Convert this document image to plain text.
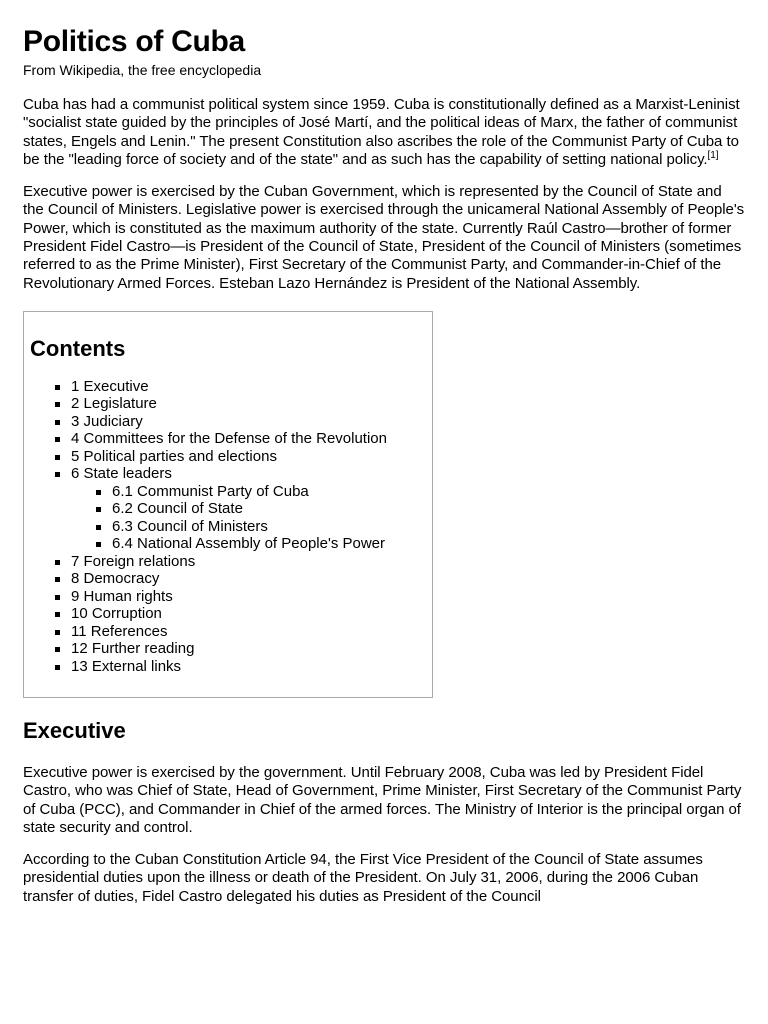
Politics of Cuba
From Wikipedia, the free encyclopedia

Cuba has had a communist political system since 1959. Cuba is constitutionally defined as a Marxist-Leninist "socialist state guided by the principles of José Martí, and the political ideas of Marx, the father of communist states, Engels and Lenin." The present Constitution also ascribes the role of the Communist Party of Cuba to be the "leading force of society and of the state" and as such has the capability of setting national policy.[1]

Executive power is exercised by the Cuban Government, which is represented by the Council of State and the Council of Ministers. Legislative power is exercised through the unicameral National Assembly of People's Power, which is constituted as the maximum authority of the state. Currently Raúl Castro—brother of former President Fidel Castro—is President of the Council of State, President of the Council of Ministers (sometimes referred to as the Prime Minister), First Secretary of the Communist Party, and Commander-in-Chief of the Revolutionary Armed Forces. Esteban Lazo Hernández is President of the National Assembly.

Contents
1 Executive
2 Legislature
3 Judiciary
4 Committees for the Defense of the Revolution
5 Political parties and elections
6 State leaders
6.1 Communist Party of Cuba
6.2 Council of State
6.3 Council of Ministers
6.4 National Assembly of People's Power
7 Foreign relations
8 Democracy
9 Human rights
10 Corruption
11 References
12 Further reading
13 External links
Executive

Executive power is exercised by the government. Until February 2008, Cuba was led by President Fidel Castro, who was Chief of State, Head of Government, Prime Minister, First Secretary of the Communist Party of Cuba (PCC), and Commander in Chief of the armed forces. The Ministry of Interior is the principal organ of state security and control.

According to the Cuban Constitution Article 94, the First Vice President of the Council of State assumes presidential duties upon the illness or death of the President. On July 31, 2006, during the 2006 Cuban transfer of duties, Fidel Castro delegated his duties as President of the Council
